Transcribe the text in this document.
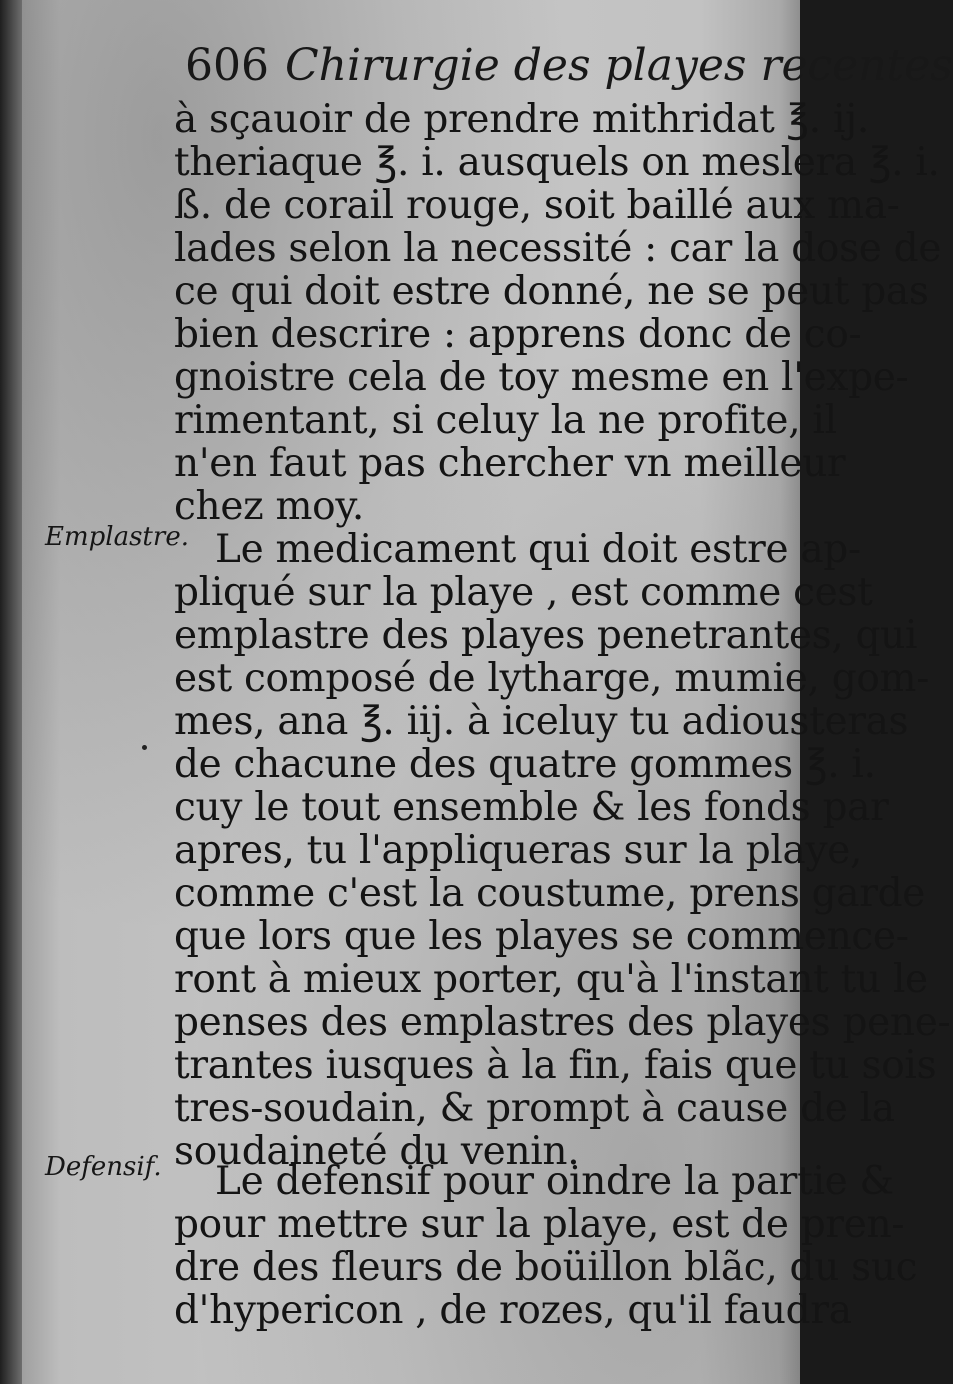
606 Chirurgie des playes recentes
Emplastre.
Defensif.
à sçauoir de prendre mithridat ℥. ij.
theriaque ℥. i. ausquels on meslera ℥. i.
ß. de corail rouge, soit baillé aux ma-
lades selon la necessité : car la dose de
ce qui doit estre donné, ne se peut pas
bien descrire : apprens donc de co-
gnoistre cela de toy mesme en l'expe-
rimentant, si celuy la ne profite, il
n'en faut pas chercher vn meilleur
chez moy.
Le medicament qui doit estre ap-
pliqué sur la playe , est comme cest
emplastre des playes penetrantes, qui
est composé de lytharge, mumie, gom-
mes, ana ℥. iij. à iceluy tu adiousteras
de chacune des quatre gommes ℥. i.
cuy le tout ensemble & les fonds par
apres, tu l'appliqueras sur la playe,
comme c'est la coustume, prens garde
que lors que les playes se commence-
ront à mieux porter, qu'à l'instant tu le
penses des emplastres des playes pene-
trantes iusques à la fin, fais que tu sois
tres-soudain, & prompt à cause de la
soudaineté du venin.
Le defensif pour oindre la partie &
pour mettre sur la playe, est de pren-
dre des fleurs de boüillon blãc, du suc
d'hypericon , de rozes, qu'il faudra
